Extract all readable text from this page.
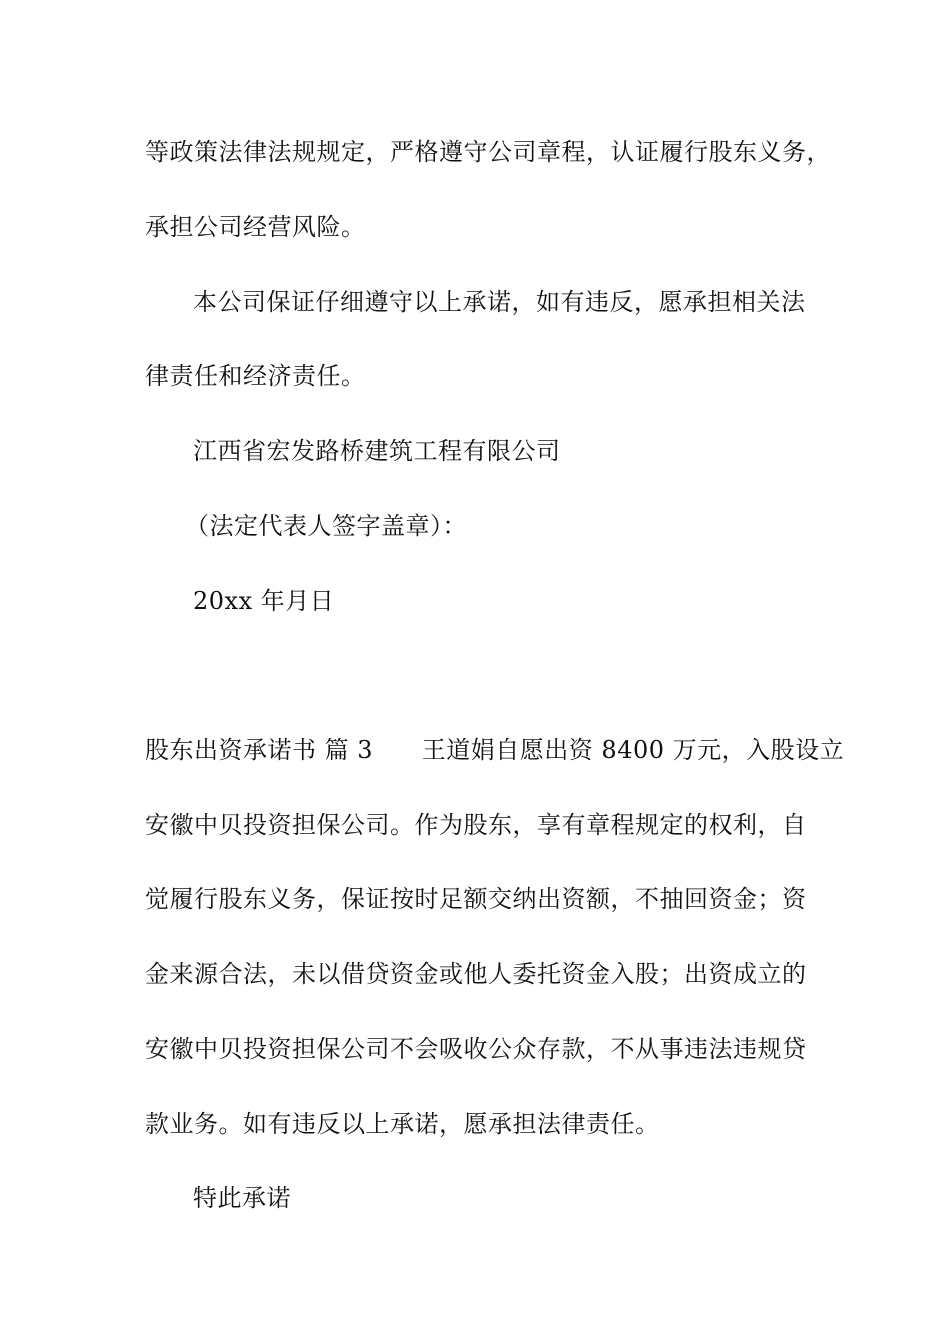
等政策法律法规规定，严格遵守公司章程，认证履行股东义务，
承担公司经营风险。
本公司保证仔细遵守以上承诺，如有违反，愿承担相关法
律责任和经济责任。
江西省宏发路桥建筑工程有限公司
（法定代表人签字盖章）：
20xx 年月日
股东出资承诺书 篇 3      王道娟自愿出资 8400 万元，入股设立
安徽中贝投资担保公司。作为股东，享有章程规定的权利，自
觉履行股东义务，保证按时足额交纳出资额，不抽回资金；资
金来源合法，未以借贷资金或他人委托资金入股；出资成立的
安徽中贝投资担保公司不会吸收公众存款，不从事违法违规贷
款业务。如有违反以上承诺，愿承担法律责任。
特此承诺
